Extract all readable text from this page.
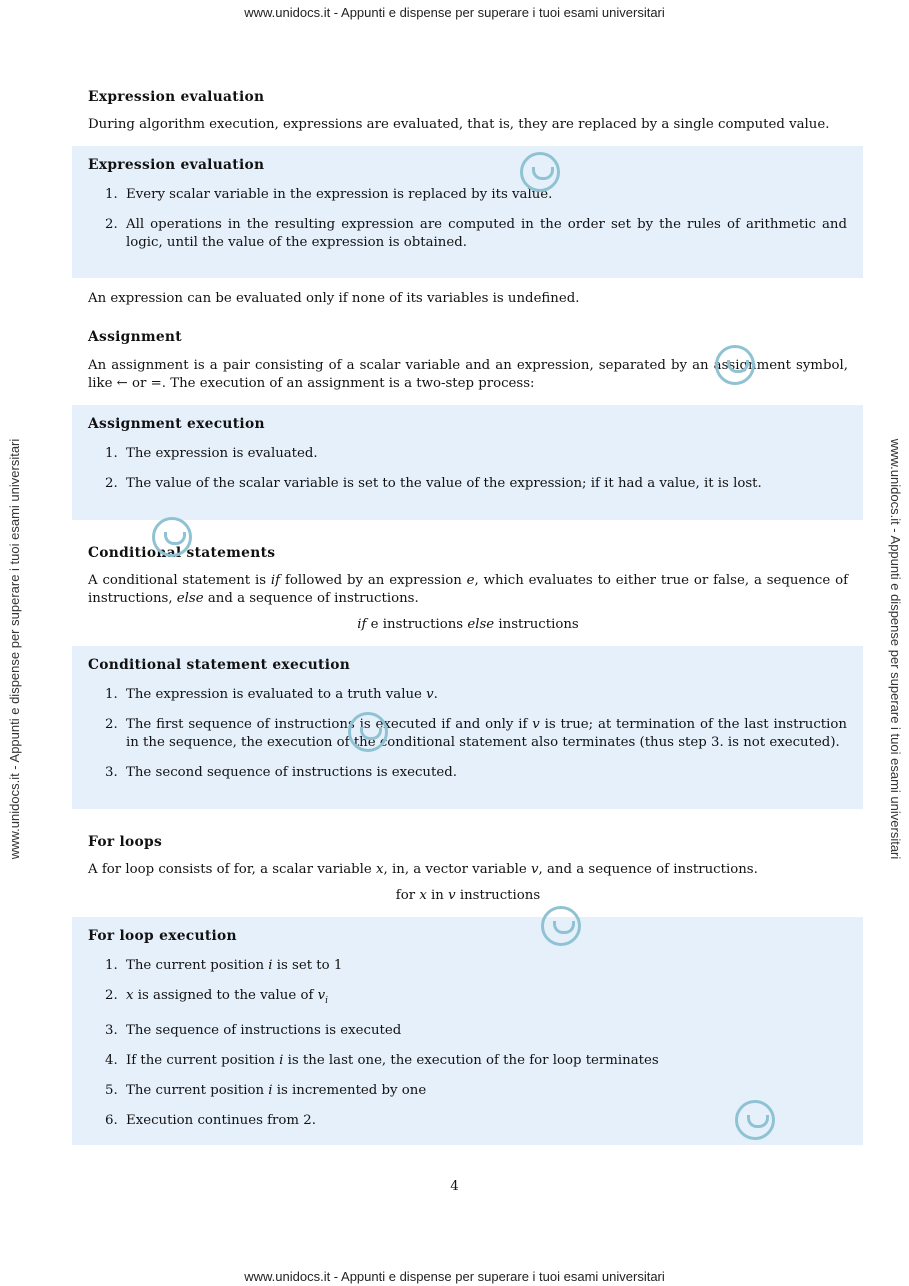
www.unidocs.it - Appunti e dispense per superare i tuoi esami universitari
www.unidocs.it - Appunti e dispense per superare i tuoi esami universitari
www.unidocs.it - Appunti e dispense per superare i tuoi esami universitari	www.unidocs.it - Appunti e dispense per superare i tuoi esami universitari
Expression evaluation

During algorithm execution, expressions are evaluated, that is, they are replaced by a single computed value.

Expression evaluation
1. Every scalar variable in the expression is replaced by its value.
2. All operations in the resulting expression are computed in the order set by the rules of arithmetic and logic, until the value of the expression is obtained.

An expression can be evaluated only if none of its variables is undefined.

Assignment

An assignment is a pair consisting of a scalar variable and an expression, separated by an assignment symbol, like ← or =. The execution of an assignment is a two-step process:

Assignment execution
1. The expression is evaluated.
2. The value of the scalar variable is set to the value of the expression; if it had a value, it is lost.
Conditional statements

A conditional statement is if followed by an expression e, which evaluates to either true or false, a sequence of instructions, else and a sequence of instructions.

if e instructions else instructions

Conditional statement execution
1. The expression is evaluated to a truth value v.
2. The first sequence of instructions is executed if and only if v is true; at termination of the last instruction in the sequence, the execution of the conditional statement also terminates (thus step 3. is not executed).
3. The second sequence of instructions is executed.
For loops

A for loop consists of for, a scalar variable x, in, a vector variable v, and a sequence of instructions.

for x in v instructions

For loop execution
1. The current position i is set to 1
2. x is assigned to the value of $v_i$
3. The sequence of instructions is executed
4. If the current position i is the last one, the execution of the for loop terminates
5. The current position i is incremented by one
6. Execution continues from 2.
4
